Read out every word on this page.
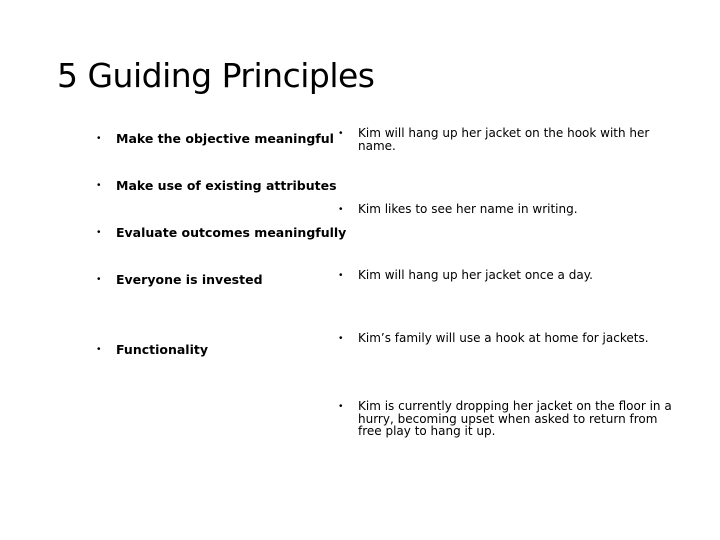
5 Guiding Principles
• Make the objective meaningful
• Make use of existing attributes
• Evaluate outcomes meaningfully
• Everyone is invested
• Functionality
• Kim will hang up her jacket on the hook with her name.
• Kim likes to see her name in writing.
• Kim will hang up her jacket once a day.
• Kim’s family will use a hook at home for jackets.
• Kim is currently dropping her jacket on the floor in a hurry, becoming upset when asked to return from free play to hang it up.
